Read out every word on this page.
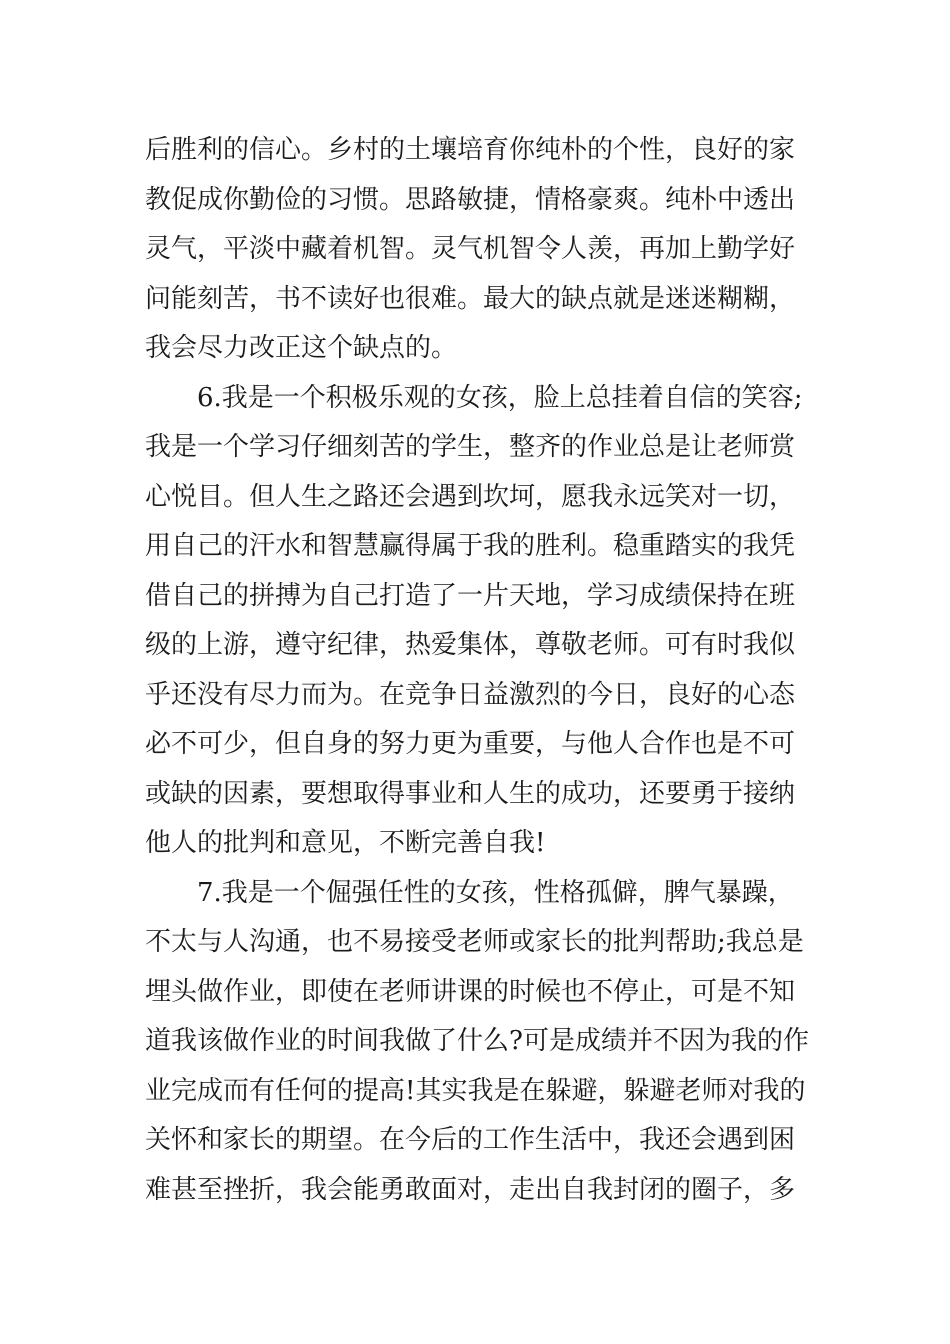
后胜利的信心。乡村的土壤培育你纯朴的个性，良好的家
教促成你勤俭的习惯。思路敏捷，情格豪爽。纯朴中透出
灵气，平淡中藏着机智。灵气机智令人羡，再加上勤学好
问能刻苦，书不读好也很难。最大的缺点就是迷迷糊糊，
我会尽力改正这个缺点的。

6.我是一个积极乐观的女孩，脸上总挂着自信的笑容;
我是一个学习仔细刻苦的学生，整齐的作业总是让老师赏
心悦目。但人生之路还会遇到坎坷，愿我永远笑对一切，
用自己的汗水和智慧赢得属于我的胜利。稳重踏实的我凭
借自己的拼搏为自己打造了一片天地，学习成绩保持在班
级的上游，遵守纪律，热爱集体，尊敬老师。可有时我似
乎还没有尽力而为。在竞争日益激烈的今日，良好的心态
必不可少，但自身的努力更为重要，与他人合作也是不可
或缺的因素，要想取得事业和人生的成功，还要勇于接纳
他人的批判和意见，不断完善自我!

7.我是一个倔强任性的女孩，性格孤僻，脾气暴躁，
不太与人沟通，也不易接受老师或家长的批判帮助;我总是
埋头做作业，即使在老师讲课的时候也不停止，可是不知
道我该做作业的时间我做了什么?可是成绩并不因为我的作
业完成而有任何的提高!其实我是在躲避，躲避老师对我的
关怀和家长的期望。在今后的工作生活中，我还会遇到困
难甚至挫折，我会能勇敢面对，走出自我封闭的圈子，多
